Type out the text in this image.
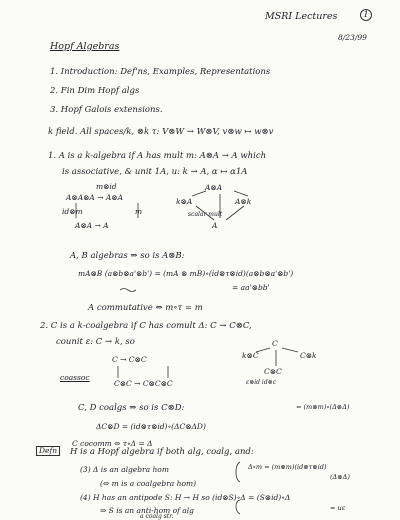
MSRI Lectures	1
8/23/99
Hopf Algebras
1. Introduction: Def'ns, Examples, Representations
2. Fin Dim Hopf algs
3. Hopf Galois extensions.
k field. All spaces/k, ⊗k τ: V⊗W → W⊗V, v⊗w ↦ w⊗v
1. A is a k-algebra if A has mult m: A⊗A → A which
is associative, & unit 1A, u: k → A, α ↦ α1A
m⊗id
A⊗A⊗A → A⊗A
id⊗m	m
A⊗A → A
A⊗A
k⊗A	A⊗k
A
scalar mult
A, B algebras ⇒ so is A⊗B:
mA⊗B (a⊗b⊗a'⊗b') = (mA ⊗ mB)∘(id⊗τ⊗id)(a⊗b⊗a'⊗b')
= aa'⊗bb'
A commutative ⇔ m∘τ = m
2. C is a k-coalgebra if C has comult Δ: C → C⊗C,
counit ε: C → k, so
C → C⊗C
coassoc
C⊗C → C⊗C⊗C
C
k⊗C	C⊗k
C⊗C
ε⊗id id⊗ε
C, D coalgs ⇒ so is C⊗D:
ΔC⊗D = (id⊗τ⊗id)∘(ΔC⊗ΔD)
C cocomm ⇔ τ∘Δ = Δ
= (m⊗m)∘(Δ⊗Δ)
Defn	H is a Hopf algebra if both alg, coalg, and:
(3) Δ is an algebra hom
(⇔ m is a coalgebra hom)
Δ∘m = (m⊗m)(id⊗τ⊗id)
(Δ⊗Δ)
(4) H has an antipode S: H → H so (id⊗S)∘Δ = (S⊗id)∘Δ
= uε
⇒ S is an anti-hom of alg
a coalg str.
